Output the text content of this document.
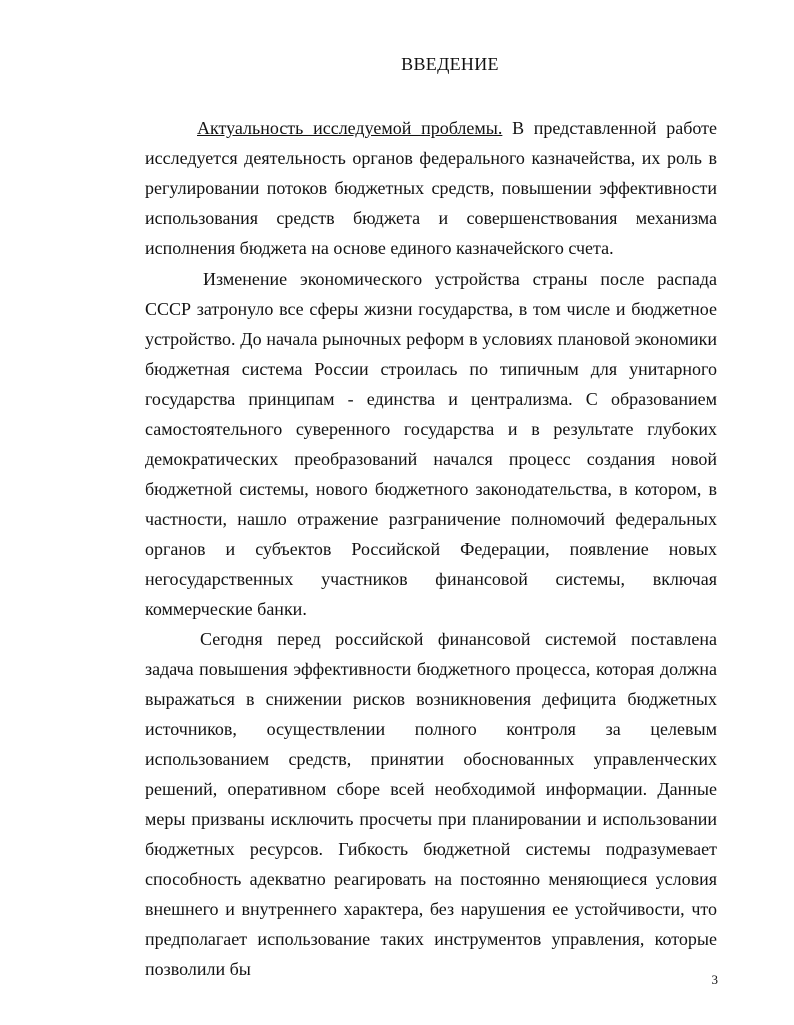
ВВЕДЕНИЕ

Актуальность исследуемой проблемы. В представленной работе исследуется деятельность органов федерального казначейства, их роль в регулировании потоков бюджетных средств, повышении эффективности использования средств бюджета и совершенствования механизма исполнения бюджета на основе единого казначейского счета.

Изменение экономического устройства страны после распада СССР затронуло все сферы жизни государства, в том числе и бюджетное устройство. До начала рыночных реформ в условиях плановой экономики бюджетная система России строилась по типичным для унитарного государства принципам - единства и централизма. С образованием самостоятельного суверенного государства и в результате глубоких демократических преобразований начался процесс создания новой бюджетной системы, нового бюджетного законодательства, в котором, в частности, нашло отражение разграничение полномочий федеральных органов и субъектов Российской Федерации, появление новых негосударственных участников финансовой системы, включая коммерческие банки.

Сегодня перед российской финансовой системой поставлена задача повышения эффективности бюджетного процесса, которая должна выражаться в снижении рисков возникновения дефицита бюджетных источников, осуществлении полного контроля за целевым использованием средств, принятии обоснованных управленческих решений, оперативном сборе всей необходимой информации. Данные меры призваны исключить просчеты при планировании и использовании бюджетных ресурсов. Гибкость бюджетной системы подразумевает способность адекватно реагировать на постоянно меняющиеся условия внешнего и внутреннего характера, без нарушения ее устойчивости, что предполагает использование таких инструментов управления, которые позволили бы

3
